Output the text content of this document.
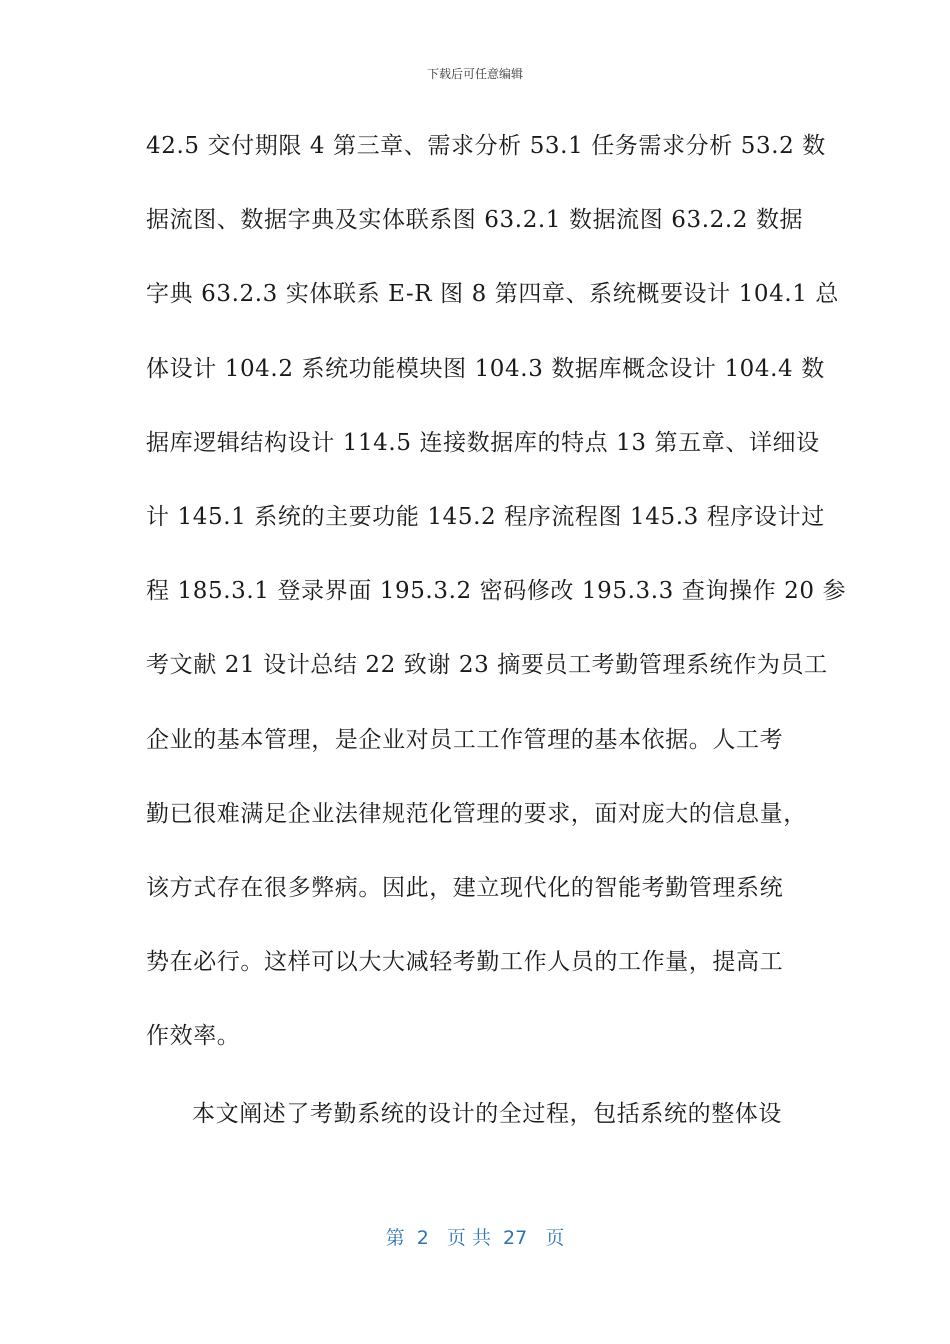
下载后可任意编辑
42.5 交付期限 4 第三章、需求分析 53.1 任务需求分析 53.2 数
据流图、数据字典及实体联系图 63.2.1 数据流图 63.2.2 数据
字典 63.2.3 实体联系 E-R 图 8 第四章、系统概要设计 104.1 总
体设计 104.2 系统功能模块图 104.3 数据库概念设计 104.4 数
据库逻辑结构设计 114.5 连接数据库的特点 13 第五章、详细设
计 145.1 系统的主要功能 145.2 程序流程图 145.3 程序设计过
程 185.3.1 登录界面 195.3.2 密码修改 195.3.3 查询操作 20 参
考文献 21 设计总结 22 致谢 23 摘要员工考勤管理系统作为员工
企业的基本管理，是企业对员工工作管理的基本依据。人工考
勤已很难满足企业法律规范化管理的要求，面对庞大的信息量，
该方式存在很多弊病。因此，建立现代化的智能考勤管理系统
势在必行。这样可以大大减轻考勤工作人员的工作量，提高工
作效率。
本文阐述了考勤系统的设计的全过程，包括系统的整体设
第  2   页 共  27   页
